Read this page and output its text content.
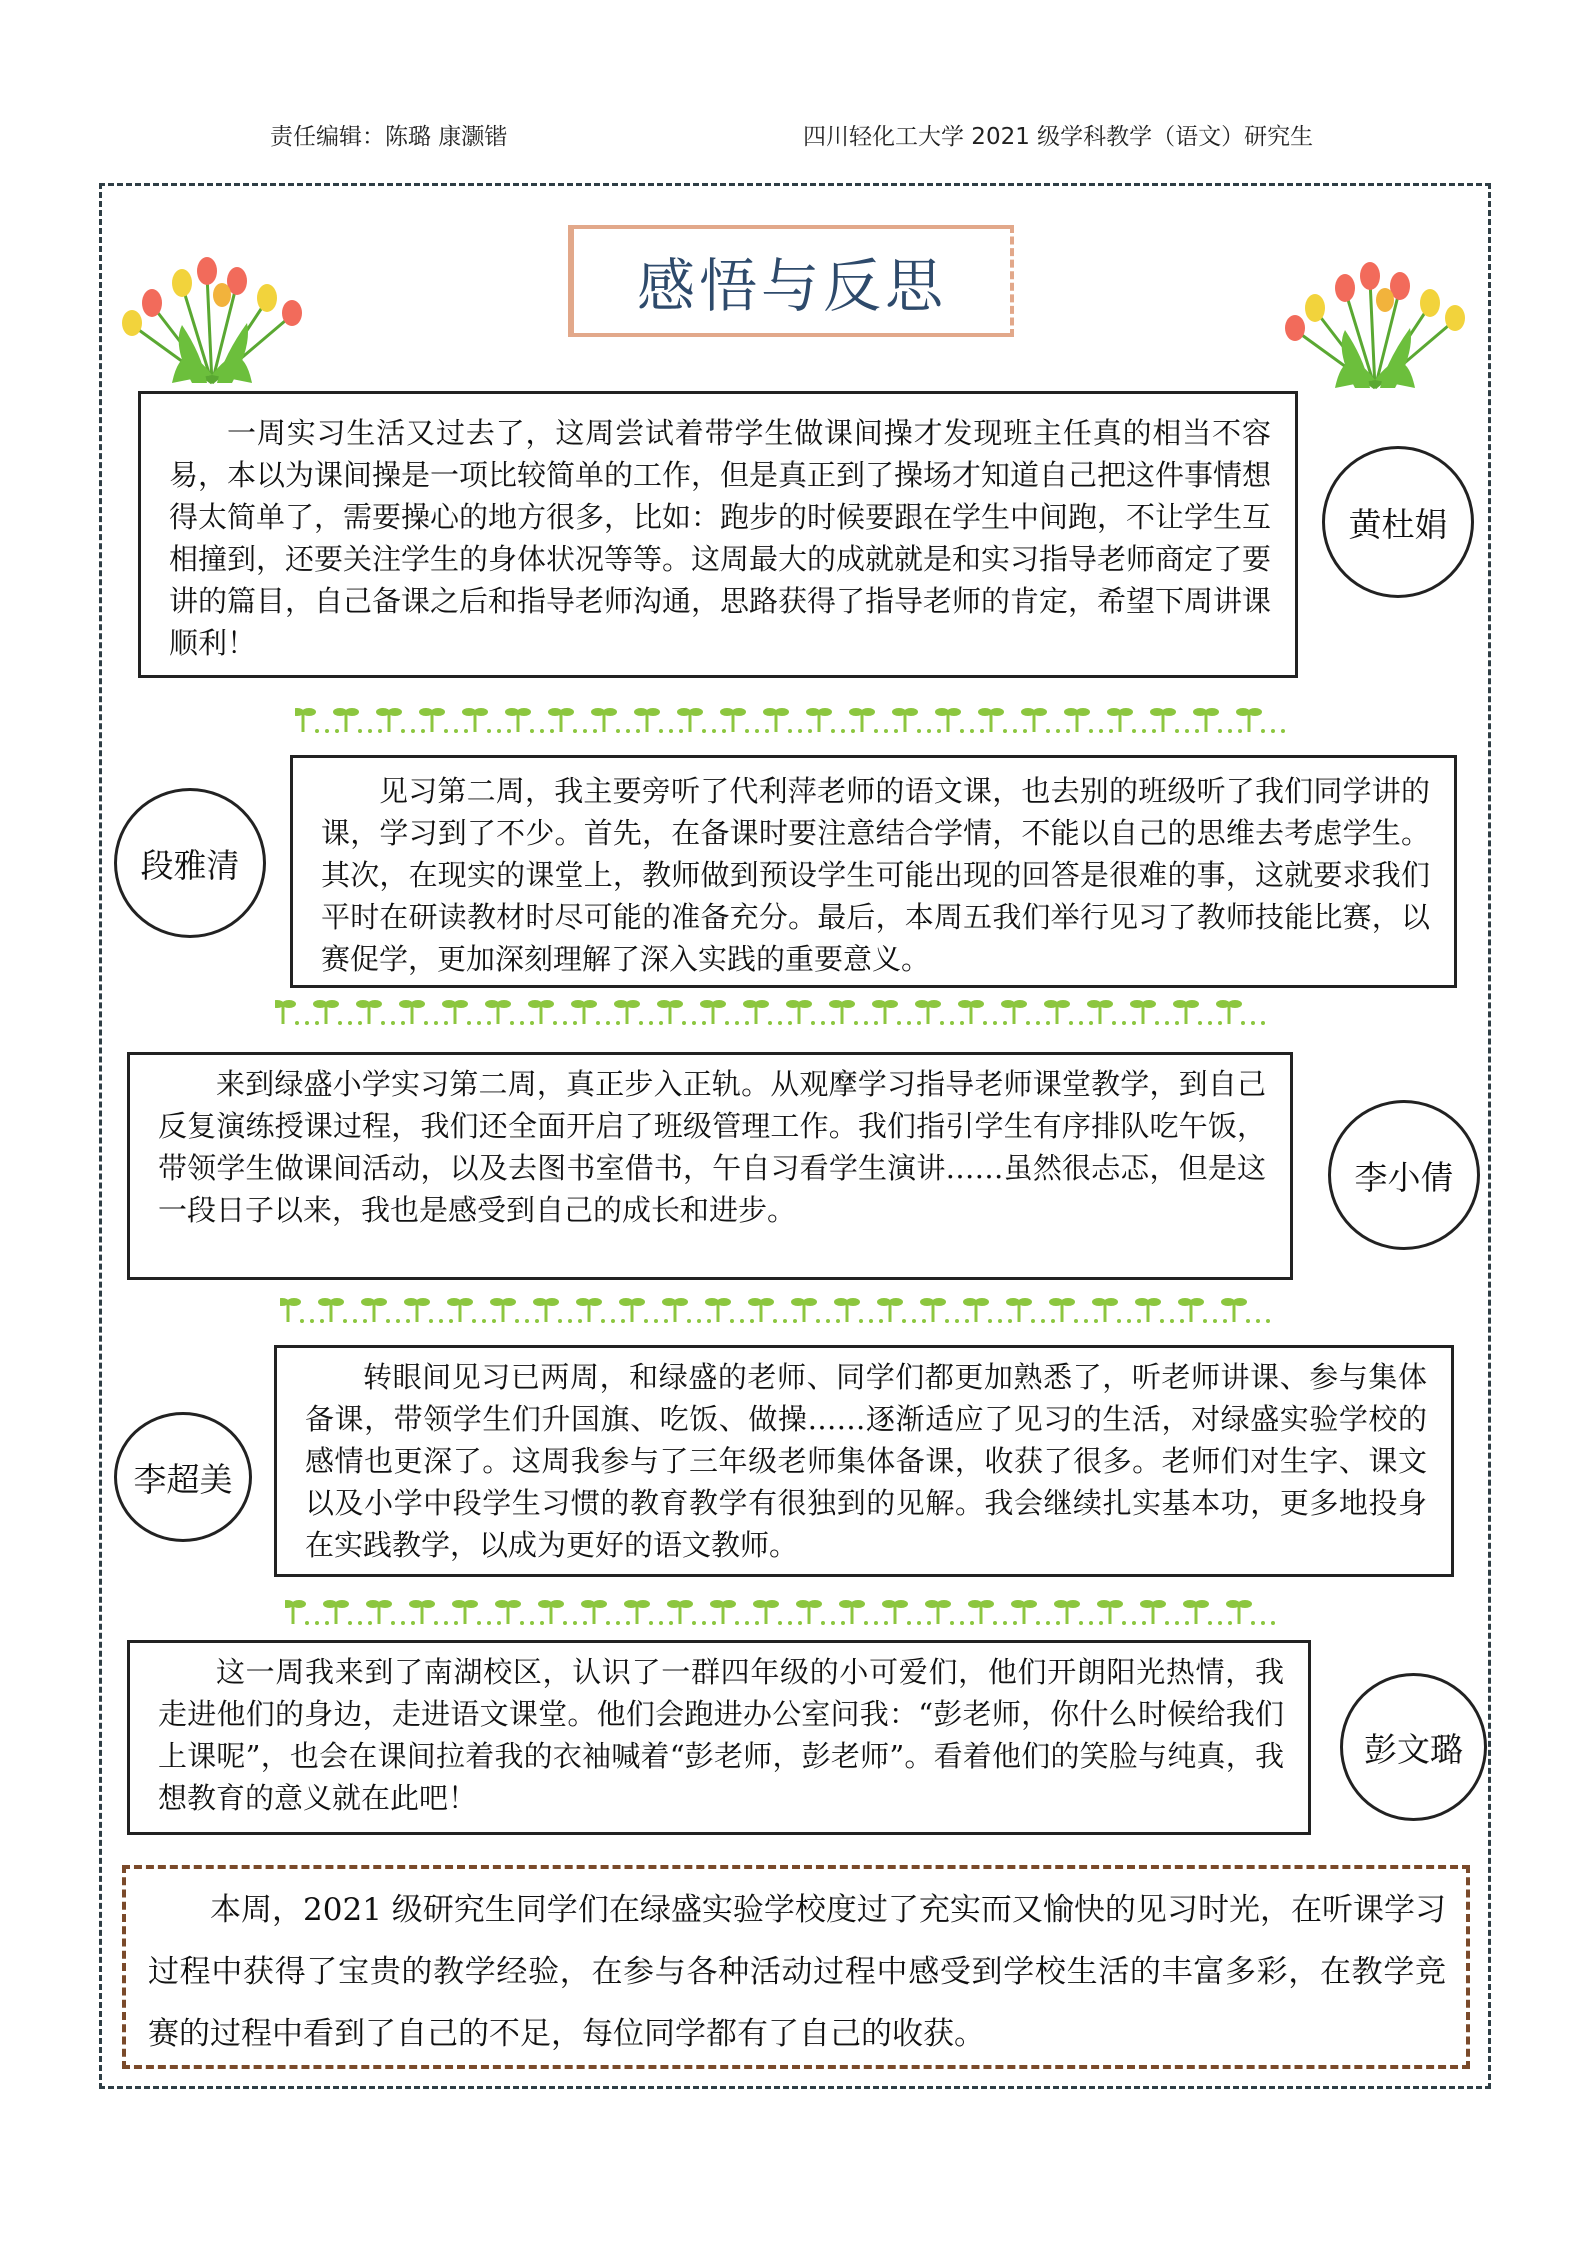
责任编辑：陈璐 康灏锴	四川轻化工大学 2021 级学科教学（语文）研究生
感悟与反思

一周实习生活又过去了，这周尝试着带学生做课间操才发现班主任真的相当不容易，本以为课间操是一项比较简单的工作，但是真正到了操场才知道自己把这件事情想得太简单了，需要操心的地方很多，比如：跑步的时候要跟在学生中间跑，不让学生互相撞到，还要关注学生的身体状况等等。这周最大的成就就是和实习指导老师商定了要讲的篇目，自己备课之后和指导老师沟通，思路获得了指导老师的肯定，希望下周讲课顺利！

黄杜娟

见习第二周，我主要旁听了代利萍老师的语文课，也去别的班级听了我们同学讲的课，学习到了不少。首先，在备课时要注意结合学情，不能以自己的思维去考虑学生。其次，在现实的课堂上，教师做到预设学生可能出现的回答是很难的事，这就要求我们平时在研读教材时尽可能的准备充分。最后，本周五我们举行见习了教师技能比赛，以赛促学，更加深刻理解了深入实践的重要意义。

段雅清

来到绿盛小学实习第二周，真正步入正轨。从观摩学习指导老师课堂教学，到自己反复演练授课过程，我们还全面开启了班级管理工作。我们指引学生有序排队吃午饭，带领学生做课间活动，以及去图书室借书，午自习看学生演讲……虽然很忐忑，但是这一段日子以来，我也是感受到自己的成长和进步。

李小倩

转眼间见习已两周，和绿盛的老师、同学们都更加熟悉了，听老师讲课、参与集体备课，带领学生们升国旗、吃饭、做操……逐渐适应了见习的生活，对绿盛实验学校的感情也更深了。这周我参与了三年级老师集体备课，收获了很多。老师们对生字、课文以及小学中段学生习惯的教育教学有很独到的见解。我会继续扎实基本功，更多地投身在实践教学，以成为更好的语文教师。

李超美

这一周我来到了南湖校区，认识了一群四年级的小可爱们，他们开朗阳光热情，我走进他们的身边，走进语文课堂。他们会跑进办公室问我：“彭老师，你什么时候给我们上课呢”，也会在课间拉着我的衣袖喊着“彭老师，彭老师”。看着他们的笑脸与纯真，我想教育的意义就在此吧！

彭文璐

本周，2021 级研究生同学们在绿盛实验学校度过了充实而又愉快的见习时光，在听课学习过程中获得了宝贵的教学经验，在参与各种活动过程中感受到学校生活的丰富多彩，在教学竞赛的过程中看到了自己的不足，每位同学都有了自己的收获。
